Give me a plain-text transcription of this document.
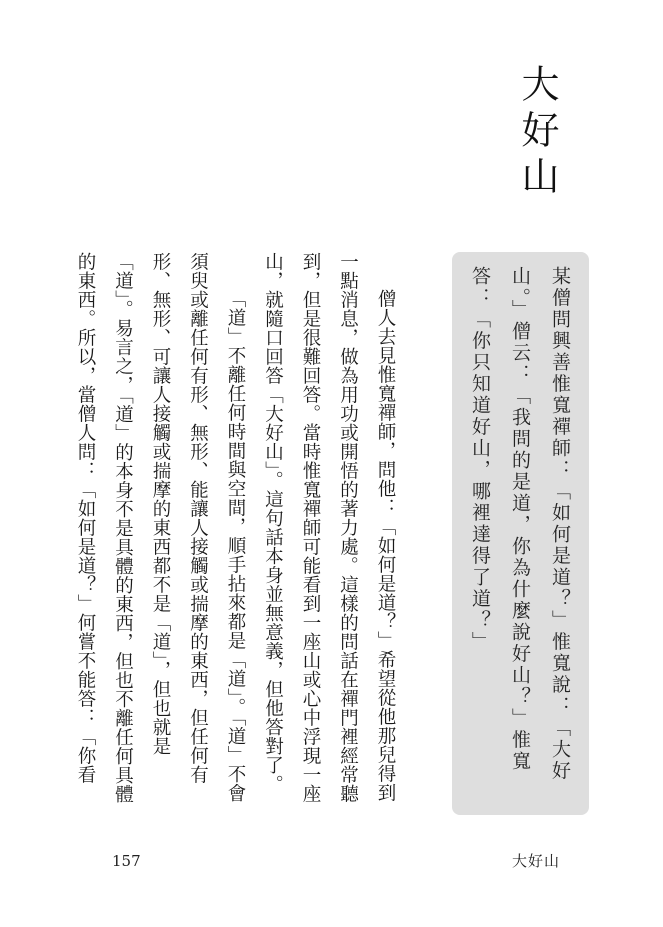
大好山
某僧問興善惟寬禪師：「如何是道？」惟寬說：「大好山。」僧云：「我問的是道，你為什麼說好山？」惟寬答：「你只知道好山，哪裡達得了道？」

僧人去見惟寬禪師，問他：「如何是道？」希望從他那兒得到一點消息，做為用功或開悟的著力處。這樣的問話在禪門裡經常聽到，但是很難回答。當時惟寬禪師可能看到一座山或心中浮現一座山，就隨口回答「大好山」。這句話本身並無意義，但他答對了。

「道」不離任何時間與空間，順手拈來都是「道」。「道」不會須臾或離任何有形、無形、能讓人接觸或揣摩的東西，但任何有形、無形、可讓人接觸或揣摩的東西都不是「道」，但也就是「道」。易言之，「道」的本身不是具體的東西，但也不離任何具體的東西。所以，當僧人問：「如何是道？」何嘗不能答：「你看

157	大好山
